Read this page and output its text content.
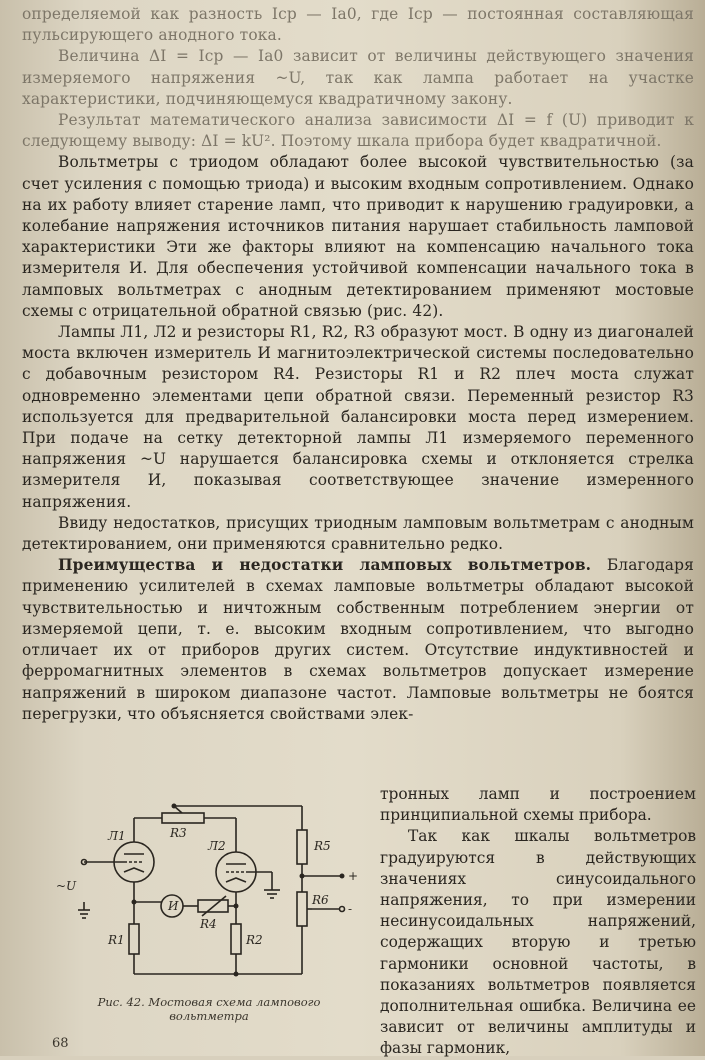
определяемой как разность Iср — Iа0, где Iср — постоянная составляющая пульсирующего анодного тока.

Величина ΔI = Iср — Iа0 зависит от величины действующего значения измеряемого напряжения ~U, так как лампа работает на участке характеристики, подчиняющемуся квадратичному закону.

Результат математического анализа зависимости ΔI = f (U) приводит к следующему выводу: ΔI = kU². Поэтому шкала прибора будет квадратичной.

Вольтметры с триодом обладают более высокой чувствительностью (за счет усиления с помощью триода) и высоким входным сопротивлением. Однако на их работу влияет старение ламп, что приводит к нарушению градуировки, а колебание напряжения источников питания нарушает стабильность ламповой характеристики Эти же факторы влияют на компенсацию начального тока измерителя И. Для обеспечения устойчивой компенсации начального тока в ламповых вольтметрах с анодным детектированием применяют мостовые схемы с отрицательной обратной связью (рис. 42).

Лампы Л1, Л2 и резисторы R1, R2, R3 образуют мост. В одну из диагоналей моста включен измеритель И магнитоэлектрической системы последовательно с добавочным резистором R4. Резисторы R1 и R2 плеч моста служат одновременно элементами цепи обратной связи. Переменный резистор R3 используется для предварительной балансировки моста перед измерением. При подаче на сетку детекторной лампы Л1 измеряемого переменного напряжения ~U нарушается балансировка схемы и отклоняется стрелка измерителя И, показывая соответствующее значение измеренного напряжения.

Ввиду недостатков, присущих триодным ламповым вольтметрам с анодным детектированием, они применяются сравнительно редко.

Преимущества и недостатки ламповых вольтметров. Благодаря применению усилителей в схемах ламповые вольтметры обладают высокой чувствительностью и ничтожным собственным потреблением энергии от измеряемой цепи, т. е. высоким входным сопротивлением, что выгодно отличает их от приборов других систем. Отсутствие индуктивностей и ферромагнитных элементов в схемах вольтметров допускает измерение напряжений в широком диапазоне частот. Ламповые вольтметры не боятся перегрузки, что объясняется свойствами элек-

тронных ламп и построением принципиальной схемы прибора.

Так как шкалы вольтметров градуируются в действующих значениях синусоидального напряжения, то при измерении несинусоидальных напряжений, содержащих вторую и третью гармоники основной частоты, в показаниях вольтметров появляется дополнительная ошибка. Величина ее зависит от величины амплитуды и фазы гармоник,

Л1
Л2
R3
R1	R2
R4
R5
R6
И
~U
+
-
Рис. 42. Мостовая схема лампового
вольтметра
68
